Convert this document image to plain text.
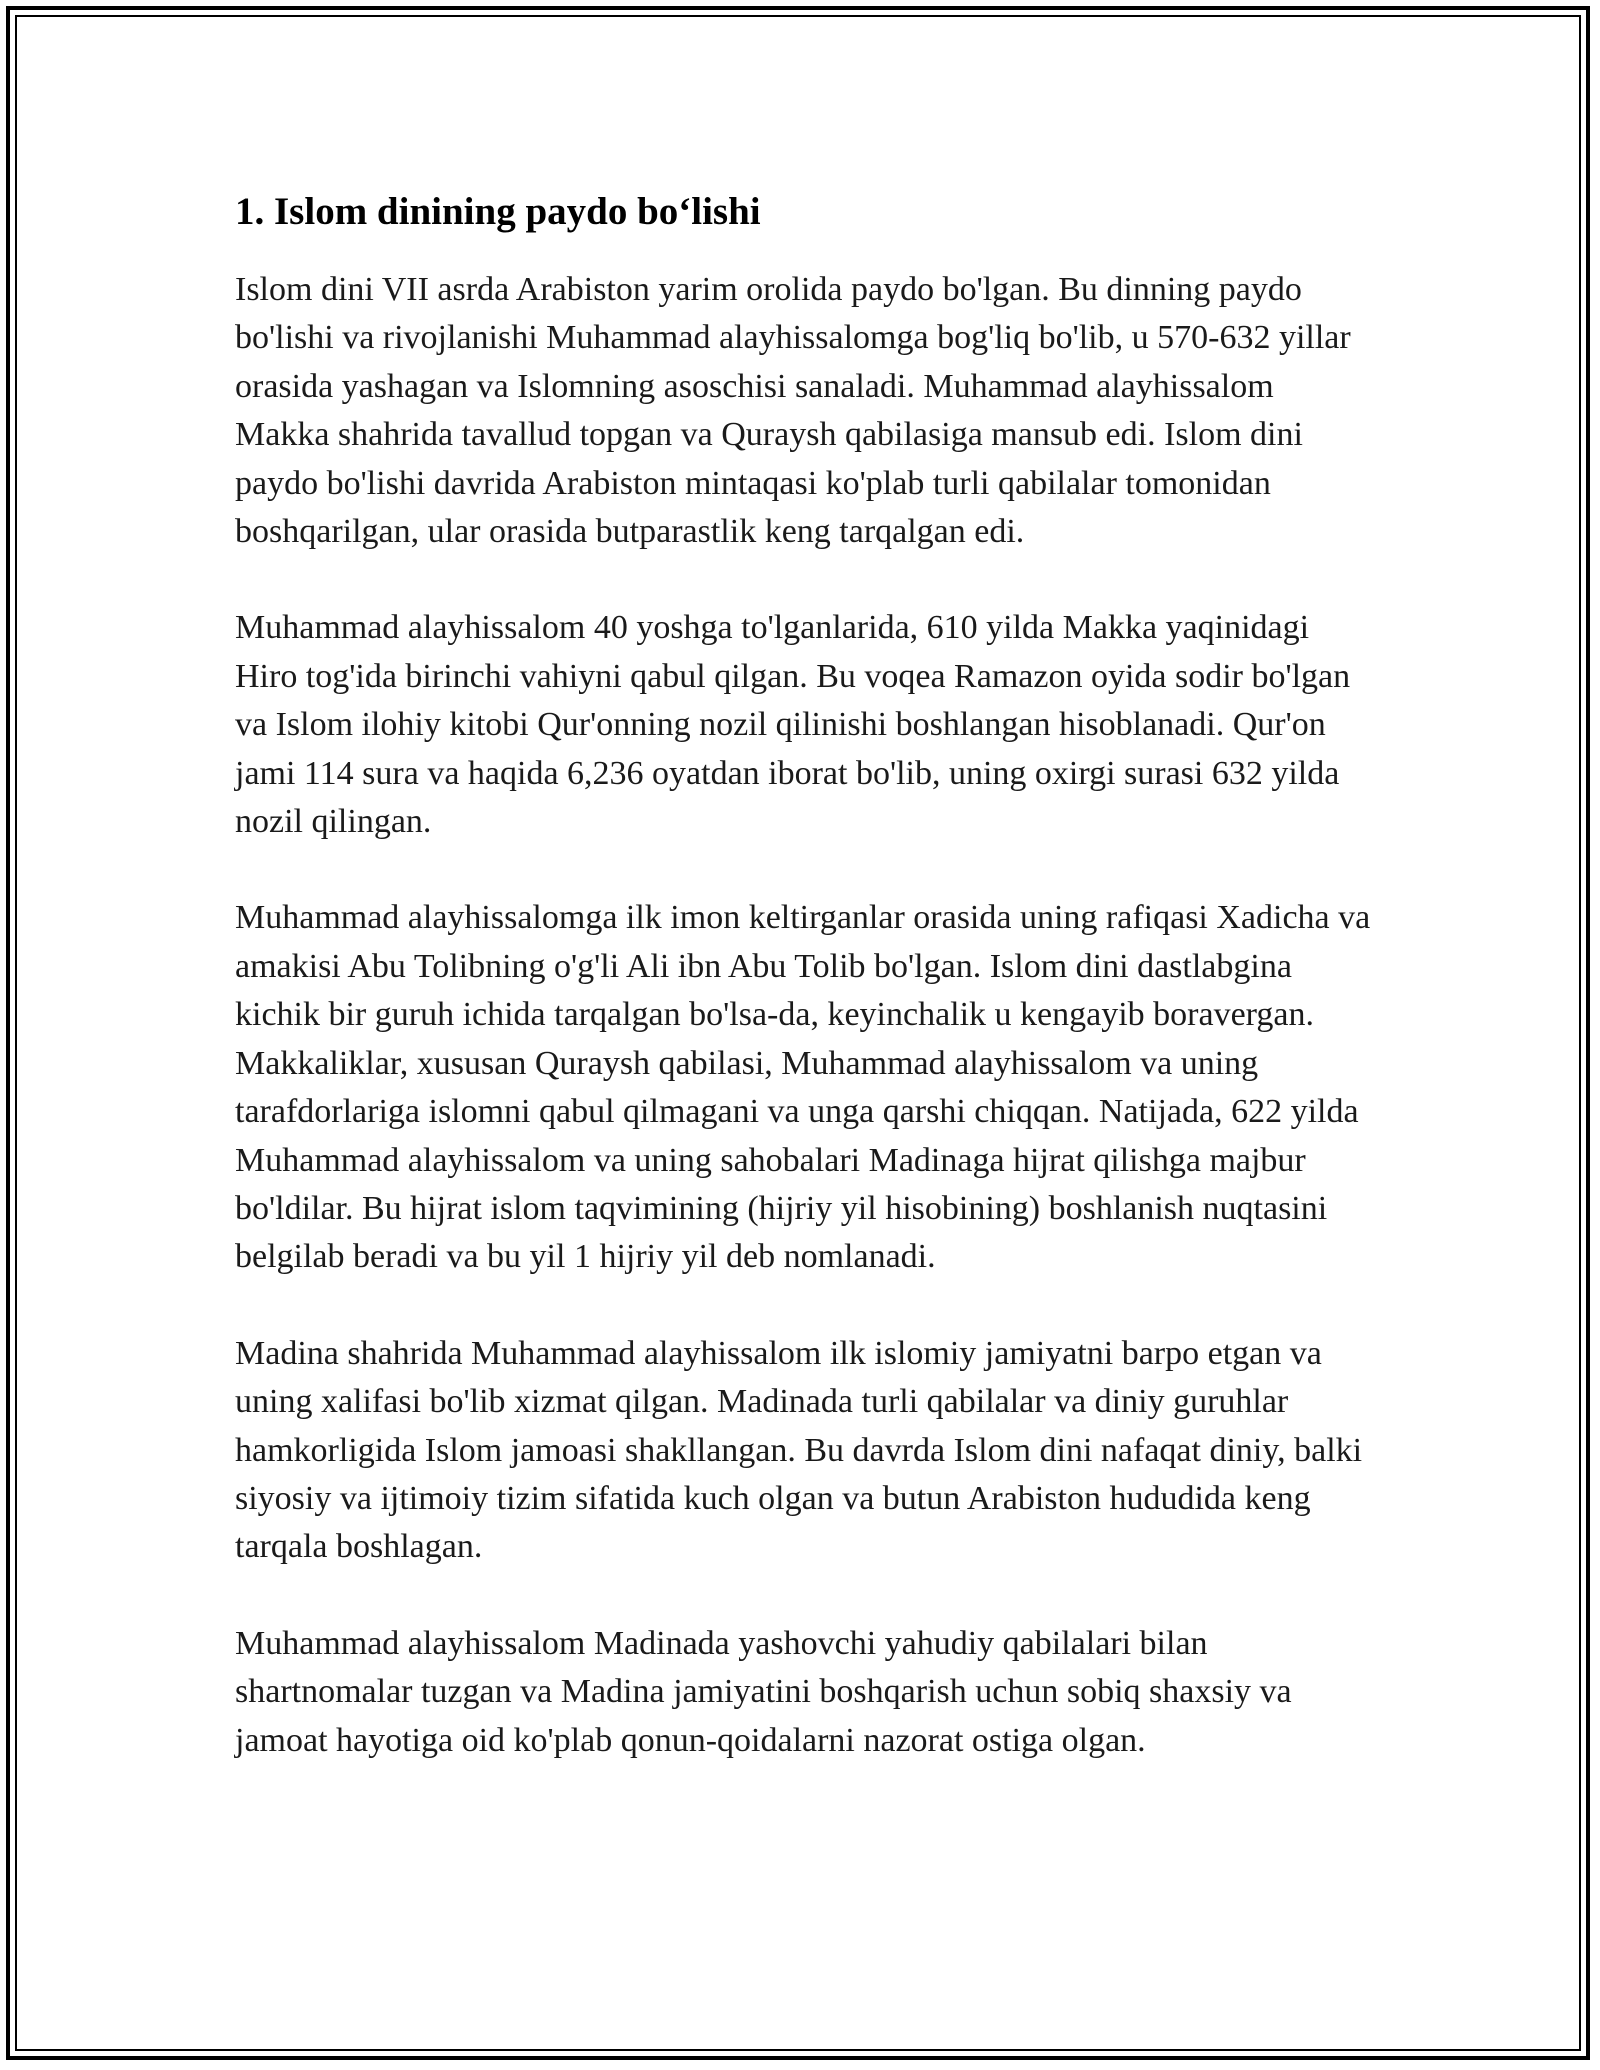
1. Islom dinining paydo bo‘lishi

Islom dini VII asrda Arabiston yarim orolida paydo bo'lgan. Bu dinning paydo bo'lishi va rivojlanishi Muhammad alayhissalomga bog'liq bo'lib, u 570-632 yillar orasida yashagan va Islomning asoschisi sanaladi. Muhammad alayhissalom Makka shahrida tavallud topgan va Quraysh qabilasiga mansub edi. Islom dini paydo bo'lishi davrida Arabiston mintaqasi ko'plab turli qabilalar tomonidan boshqarilgan, ular orasida butparastlik keng tarqalgan edi.

Muhammad alayhissalom 40 yoshga to'lganlarida, 610 yilda Makka yaqinidagi Hiro tog'ida birinchi vahiyni qabul qilgan. Bu voqea Ramazon oyida sodir bo'lgan va Islom ilohiy kitobi Qur'onning nozil qilinishi boshlangan hisoblanadi. Qur'on jami 114 sura va haqida 6,236 oyatdan iborat bo'lib, uning oxirgi surasi 632 yilda nozil qilingan.

Muhammad alayhissalomga ilk imon keltirganlar orasida uning rafiqasi Xadicha va amakisi Abu Tolibning o'g'li Ali ibn Abu Tolib bo'lgan. Islom dini dastlabgina kichik bir guruh ichida tarqalgan bo'lsa-da, keyinchalik u kengayib boravergan. Makkaliklar, xususan Quraysh qabilasi, Muhammad alayhissalom va uning tarafdorlariga islomni qabul qilmagani va unga qarshi chiqqan. Natijada, 622 yilda Muhammad alayhissalom va uning sahobalari Madinaga hijrat qilishga majbur bo'ldilar. Bu hijrat islom taqvimining (hijriy yil hisobining) boshlanish nuqtasini belgilab beradi va bu yil 1 hijriy yil deb nomlanadi.

Madina shahrida Muhammad alayhissalom ilk islomiy jamiyatni barpo etgan va uning xalifasi bo'lib xizmat qilgan. Madinada turli qabilalar va diniy guruhlar hamkorligida Islom jamoasi shakllangan. Bu davrda Islom dini nafaqat diniy, balki siyosiy va ijtimoiy tizim sifatida kuch olgan va butun Arabiston hududida keng tarqala boshlagan.

Muhammad alayhissalom Madinada yashovchi yahudiy qabilalari bilan shartnomalar tuzgan va Madina jamiyatini boshqarish uchun sobiq shaxsiy va jamoat hayotiga oid ko'plab qonun-qoidalarni nazorat ostiga olgan.
